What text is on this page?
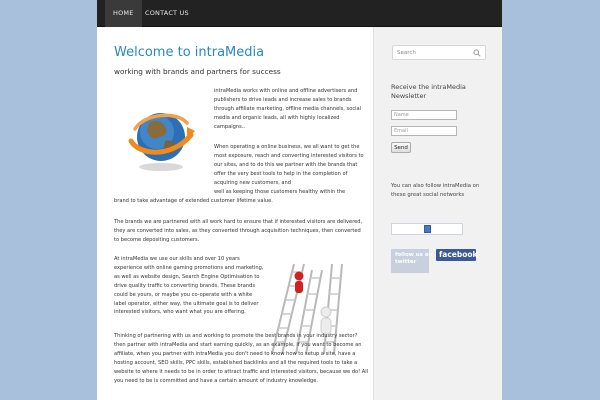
HOME	CONTACT US
Welcome to intraMedia
working with brands and partners for success
intraMedia works with online and offline advertisers and publishers to drive leads and increase sales to brands through affiliate marketing, offline media channels, social media and organic leads, all with highly localized campaigns..
When operating a online business, we all want to get the most exposure, reach and converting interested visitors to our sites, and to do this we partner with the brands that offer the very best tools to help in the completion of acquiring new customers, and
well as keeping those customers healthy within the
brand to take advantage of extended customer lifetime value.
The brands we are partnered with all work hard to ensure that if interested visitors are delivered, they are converted into sales, as they converted through acquisition techniques, then converted to become depositing customers.
At intraMedia we use our skills and over 10 years experience with online gaming promotions and marketing, as well as website design, Search Engine Optimisation to drive quality traffic to converting brands. These brands could be yours, or maybe you co-operate with a white label operator, either way, the ultimate goal is to deliver interested visitors, who want what you are offering.
Thinking of partnering with us and working to promote the best brands in your industry sector? then partner with intraMedia and start earning quickly, as an example, if you want to become an affiliate, when you partner with intraMedia you don't need to know how to setup a site, have a hosting account, SEO skills, PPC skills, established backlinks and all the required tools to take a website to where it needs to be in order to attract traffic and interested visitors, because we do! All you need to be is committed and have a certain amount of industry knowledge.
Search
Receive the intraMedia Newsletter
Name
Email
Send
You can also follow intraMedia on these great social networks
follow us on
twitter
facebook
